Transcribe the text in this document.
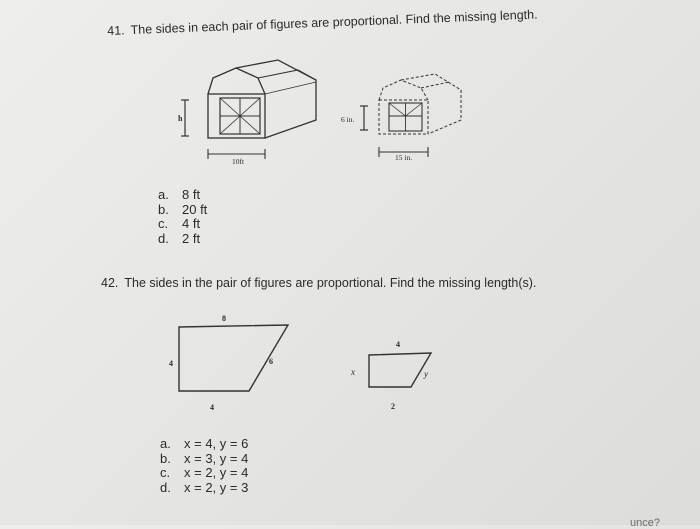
41. The sides in each pair of figures are proportional. Find the missing length.
h
10ft
6 in.
15 in.
a. 8 ft
b. 20 ft
c. 4 ft
d. 2 ft
42. The sides in the pair of figures are proportional. Find the missing length(s).
8
4	6
4
4
x	y
2
a. x = 4, y = 6
b. x = 3, y = 4
c. x = 2, y = 4
d. x = 2, y = 3
unce?
